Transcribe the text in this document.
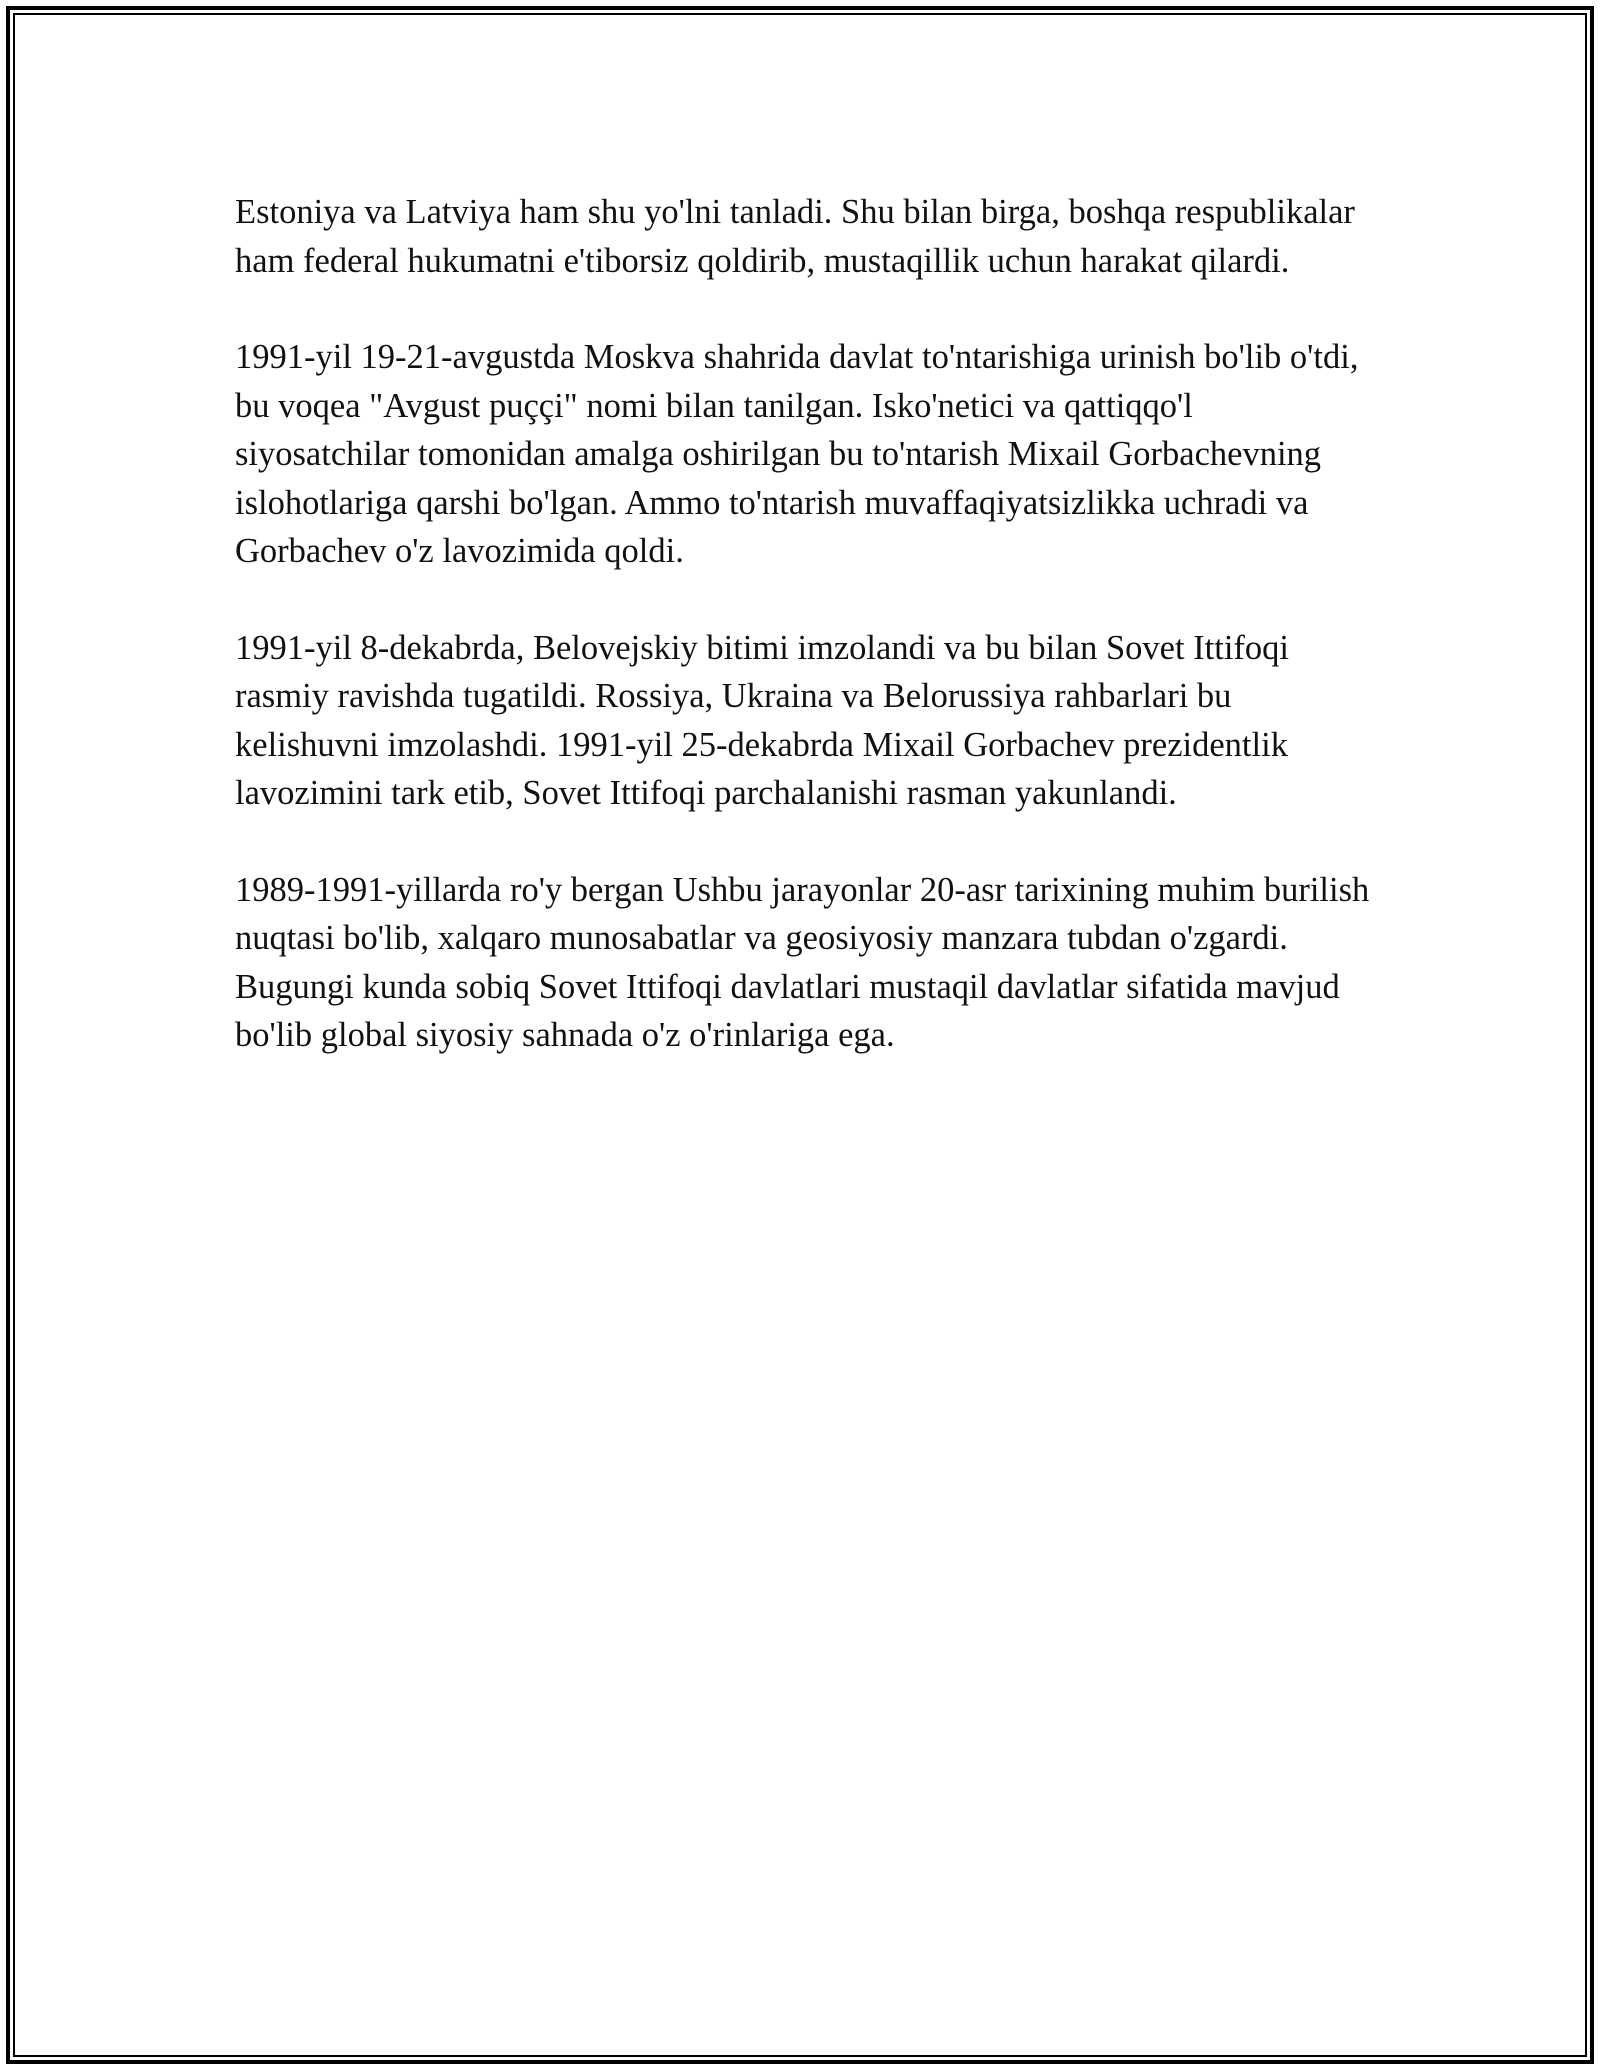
Estoniya va Latviya ham shu yo'lni tanladi. Shu bilan birga, boshqa respublikalar ham federal hukumatni e'tiborsiz qoldirib, mustaqillik uchun harakat qilardi.

1991-yil 19-21-avgustda Moskva shahrida davlat to'ntarishiga urinish bo'lib o'tdi, bu voqea "Avgust puççi" nomi bilan tanilgan. Isko'netici va qattiqqo'l siyosatchilar tomonidan amalga oshirilgan bu to'ntarish Mixail Gorbachevning islohotlariga qarshi bo'lgan. Ammo to'ntarish muvaffaqiyatsizlikka uchradi va Gorbachev o'z lavozimida qoldi.

1991-yil 8-dekabrda, Belovejskiy bitimi imzolandi va bu bilan Sovet Ittifoqi rasmiy ravishda tugatildi. Rossiya, Ukraina va Belorussiya rahbarlari bu kelishuvni imzolashdi. 1991-yil 25-dekabrda Mixail Gorbachev prezidentlik lavozimini tark etib, Sovet Ittifoqi parchalanishi rasman yakunlandi.

1989-1991-yillarda ro'y bergan Ushbu jarayonlar 20-asr tarixining muhim burilish nuqtasi bo'lib, xalqaro munosabatlar va geosiyosiy manzara tubdan o'zgardi. Bugungi kunda sobiq Sovet Ittifoqi davlatlari mustaqil davlatlar sifatida mavjud bo'lib global siyosiy sahnada o'z o'rinlariga ega.
